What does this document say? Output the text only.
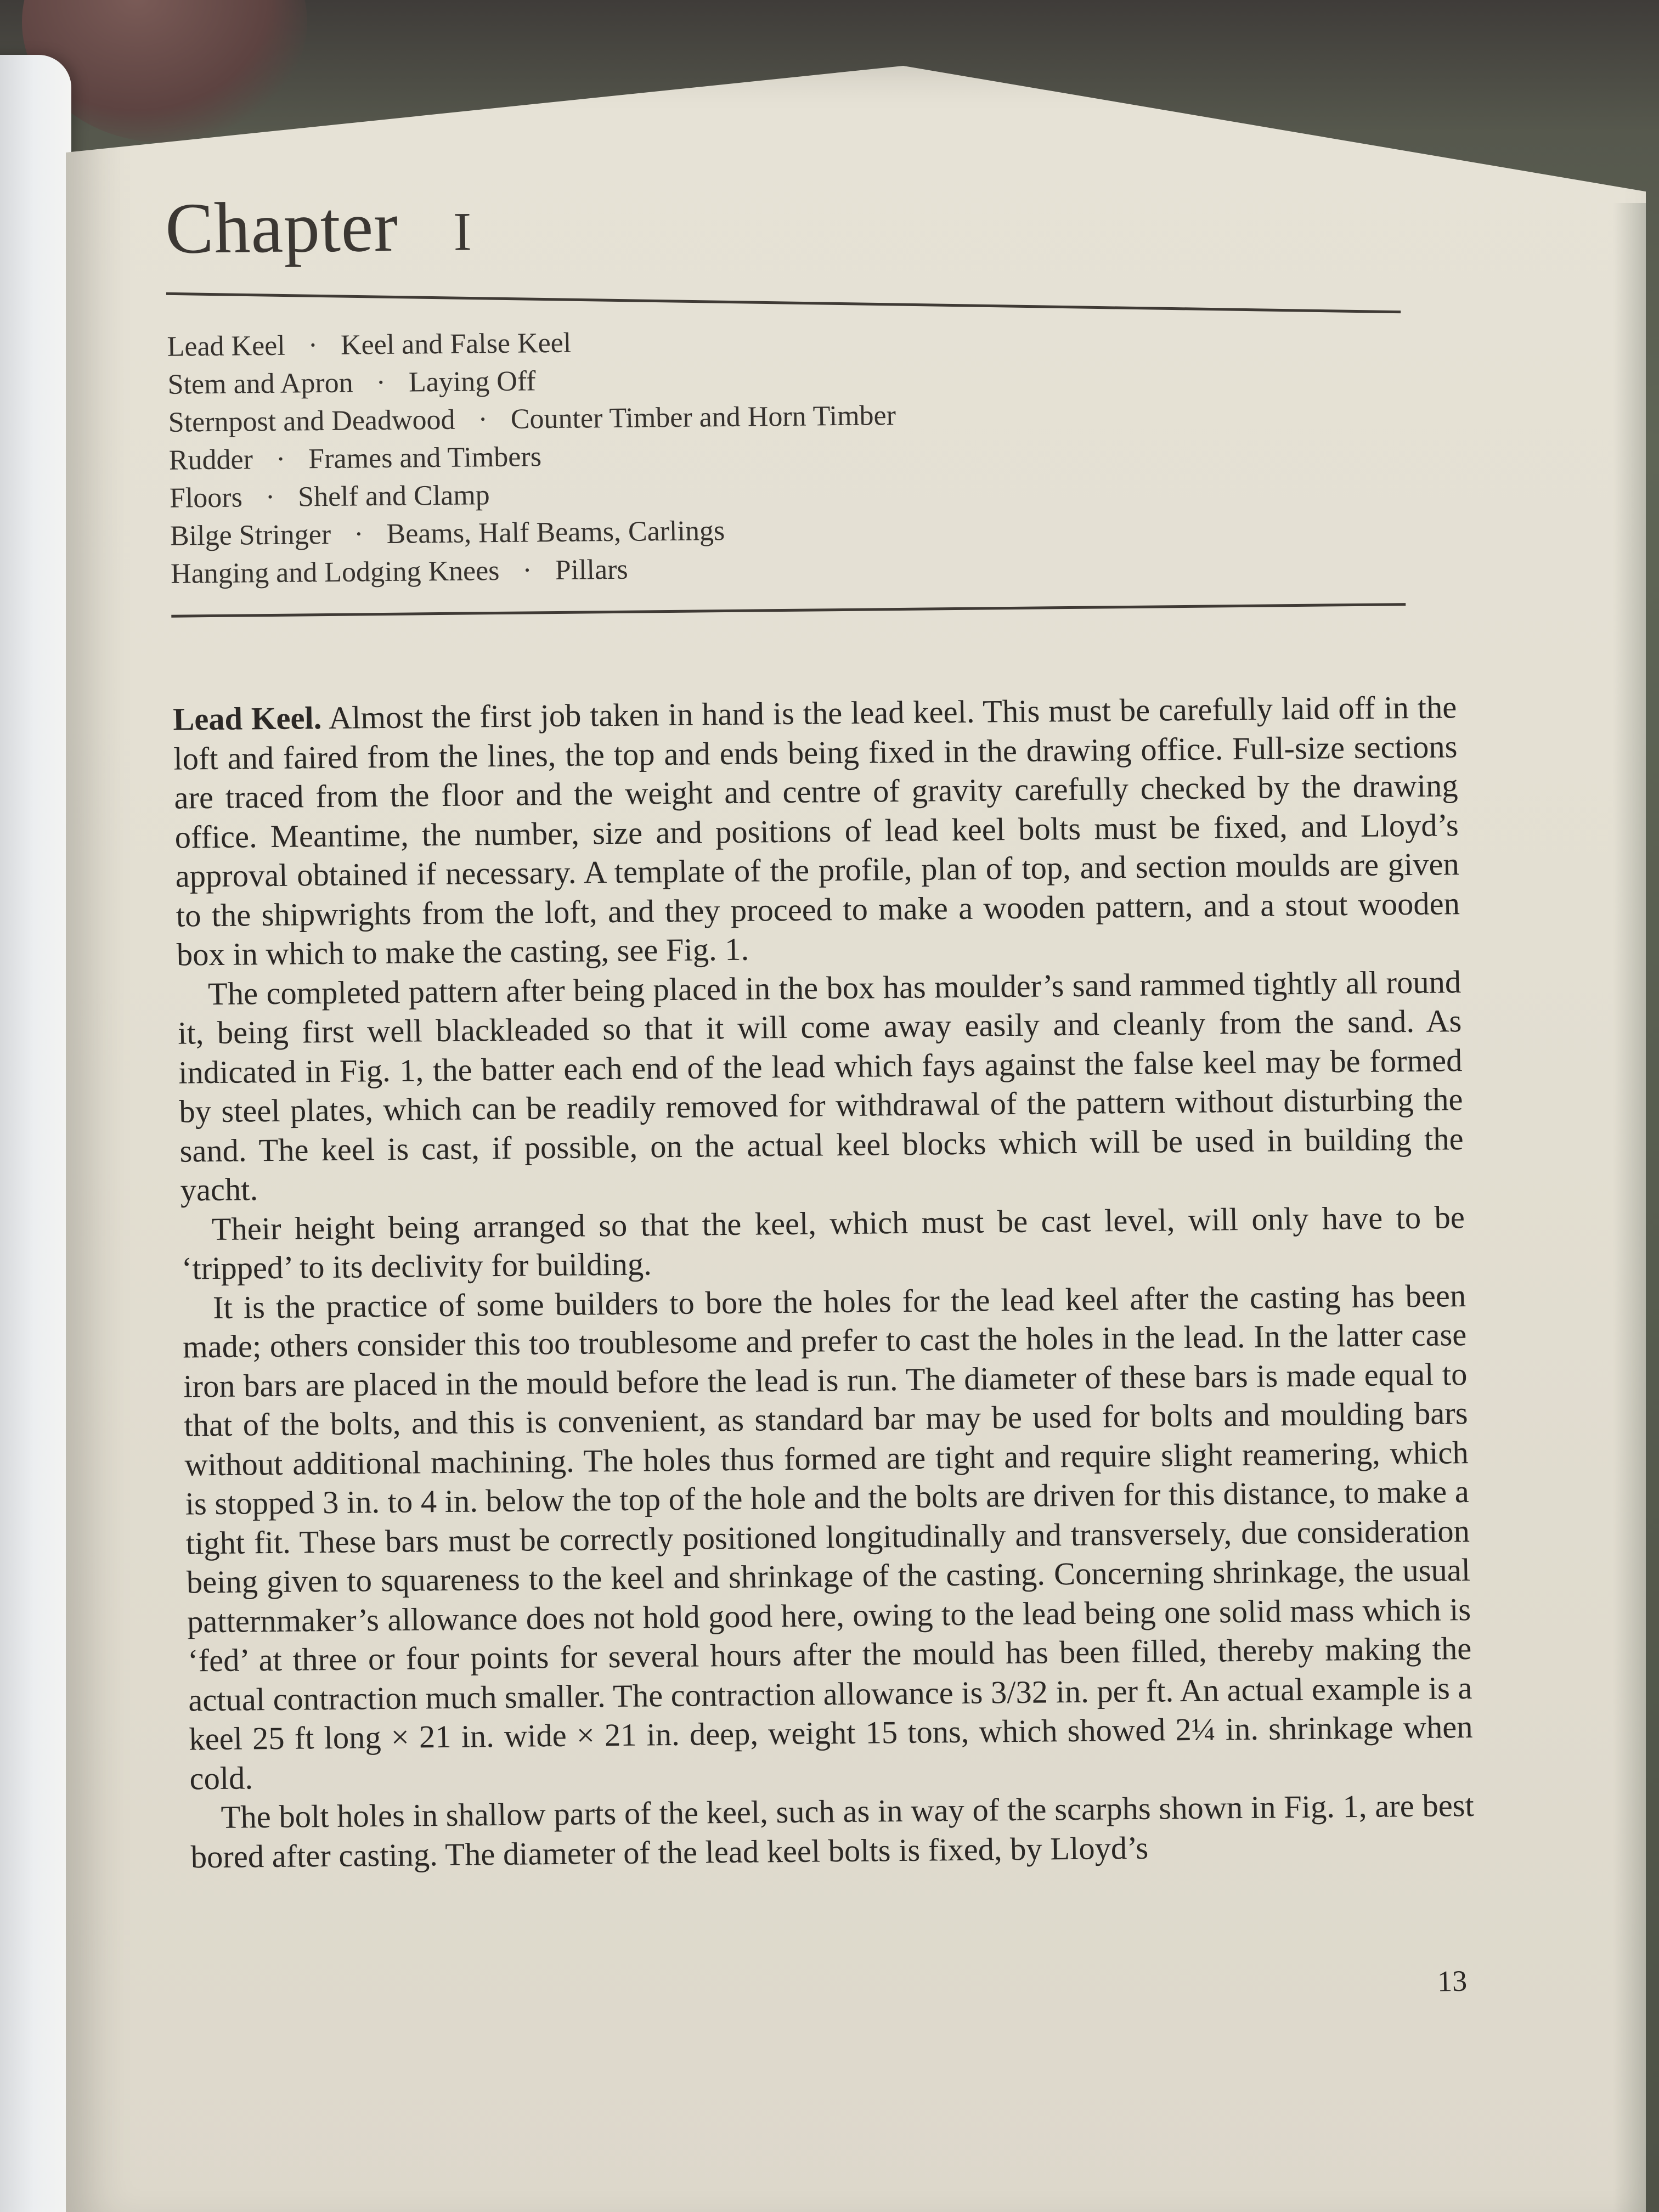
Chapter I
Lead Keel · Keel and False Keel
Stem and Apron · Laying Off
Sternpost and Deadwood · Counter Timber and Horn Timber
Rudder · Frames and Timbers
Floors · Shelf and Clamp
Bilge Stringer · Beams, Half Beams, Carlings
Hanging and Lodging Knees · Pillars

Lead Keel. Almost the first job taken in hand is the lead keel. This must be carefully laid off in the loft and faired from the lines, the top and ends being fixed in the drawing office. Full-size sections are traced from the floor and the weight and centre of gravity carefully checked by the drawing office. Meantime, the number, size and positions of lead keel bolts must be fixed, and Lloyd’s approval obtained if necessary. A template of the profile, plan of top, and section moulds are given to the shipwrights from the loft, and they proceed to make a wooden pattern, and a stout wooden box in which to make the casting, see Fig. 1.

The completed pattern after being placed in the box has moulder’s sand rammed tightly all round it, being first well blackleaded so that it will come away easily and cleanly from the sand. As indicated in Fig. 1, the batter each end of the lead which fays against the false keel may be formed by steel plates, which can be readily removed for withdrawal of the pattern without disturbing the sand. The keel is cast, if possible, on the actual keel blocks which will be used in building the yacht.

Their height being arranged so that the keel, which must be cast level, will only have to be ‘tripped’ to its declivity for building.

It is the practice of some builders to bore the holes for the lead keel after the casting has been made; others consider this too troublesome and prefer to cast the holes in the lead. In the latter case iron bars are placed in the mould before the lead is run. The diameter of these bars is made equal to that of the bolts, and this is convenient, as standard bar may be used for bolts and moulding bars without additional machining. The holes thus formed are tight and require slight reamering, which is stopped 3 in. to 4 in. below the top of the hole and the bolts are driven for this distance, to make a tight fit. These bars must be correctly positioned longitudinally and transversely, due consideration being given to squareness to the keel and shrinkage of the casting. Concerning shrinkage, the usual patternmaker’s allowance does not hold good here, owing to the lead being one solid mass which is ‘fed’ at three or four points for several hours after the mould has been filled, thereby making the actual contraction much smaller. The contraction allowance is 3/32 in. per ft. An actual example is a keel 25 ft long × 21 in. wide × 21 in. deep, weight 15 tons, which showed 2¼ in. shrinkage when cold.

The bolt holes in shallow parts of the keel, such as in way of the scarphs shown in Fig. 1, are best bored after casting. The diameter of the lead keel bolts is fixed, by Lloyd’s

13
